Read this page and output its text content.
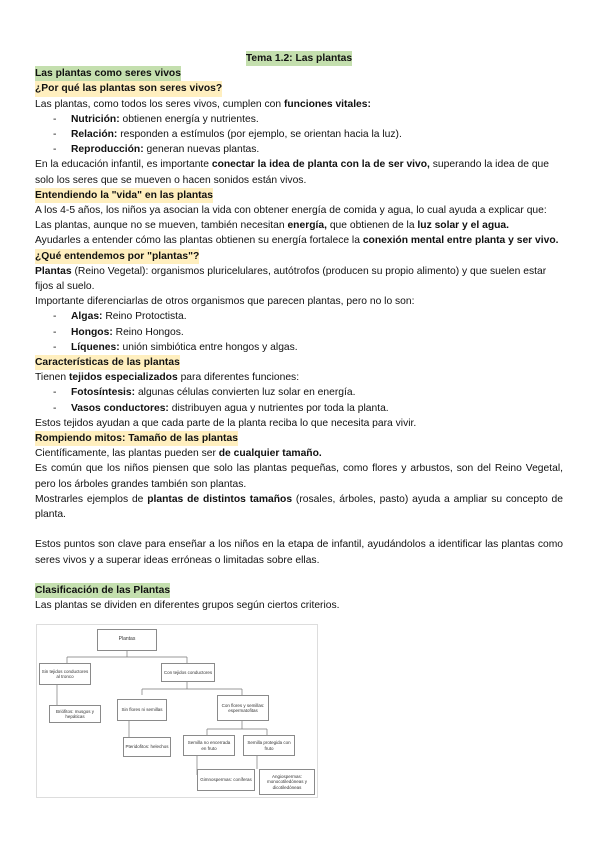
Tema 1.2: Las plantas
Las plantas como seres vivos
¿Por qué las plantas son seres vivos?

Las plantas, como todos los seres vivos, cumplen con funciones vitales:

- Nutrición: obtienen energía y nutrientes.
- Relación: responden a estímulos (por ejemplo, se orientan hacia la luz).
- Reproducción: generan nuevas plantas.

En la educación infantil, es importante conectar la idea de planta con la de ser vivo, superando la idea de que solo los seres que se mueven o hacen sonidos están vivos.

Entendiendo la "vida" en las plantas

A los 4-5 años, los niños ya asocian la vida con obtener energía de comida y agua, lo cual ayuda a explicar que:

Las plantas, aunque no se mueven, también necesitan energía, que obtienen de la luz solar y el agua.

Ayudarles a entender cómo las plantas obtienen su energía fortalece la conexión mental entre planta y ser vivo.

¿Qué entendemos por "plantas"?

Plantas (Reino Vegetal): organismos pluricelulares, autótrofos (producen su propio alimento) y que suelen estar fijos al suelo.

Importante diferenciarlas de otros organismos que parecen plantas, pero no lo son:

- Algas: Reino Protoctista.
- Hongos: Reino Hongos.
- Líquenes: unión simbiótica entre hongos y algas.
Características de las plantas

Tienen tejidos especializados para diferentes funciones:

- Fotosíntesis: algunas células convierten luz solar en energía.
- Vasos conductores: distribuyen agua y nutrientes por toda la planta.

Estos tejidos ayudan a que cada parte de la planta reciba lo que necesita para vivir.

Rompiendo mitos: Tamaño de las plantas

Científicamente, las plantas pueden ser de cualquier tamaño.

Es común que los niños piensen que solo las plantas pequeñas, como flores y arbustos, son del Reino Vegetal, pero los árboles grandes también son plantas.

Mostrarles ejemplos de plantas de distintos tamaños (rosales, árboles, pasto) ayuda a ampliar su concepto de planta.

Estos puntos son clave para enseñar a los niños en la etapa de infantil, ayudándolos a identificar las plantas como seres vivos y a superar ideas erróneas o limitadas sobre ellas.

Clasificación de las Plantas

Las plantas se dividen en diferentes grupos según ciertos criterios.

Plantas
Sin tejidos conductores al tronco
Con tejidos conductores
Briófitos: musgos y hepáticas
Sin flores ni semillas
Con flores y semillas: espermatofitas
Pteridofitos: helechos
Semilla no encerrada en fruto
Semilla protegida con fruto
Gimnospermas: coníferas
Angiospermas: monocotiledóneas y dicotiledóneas
